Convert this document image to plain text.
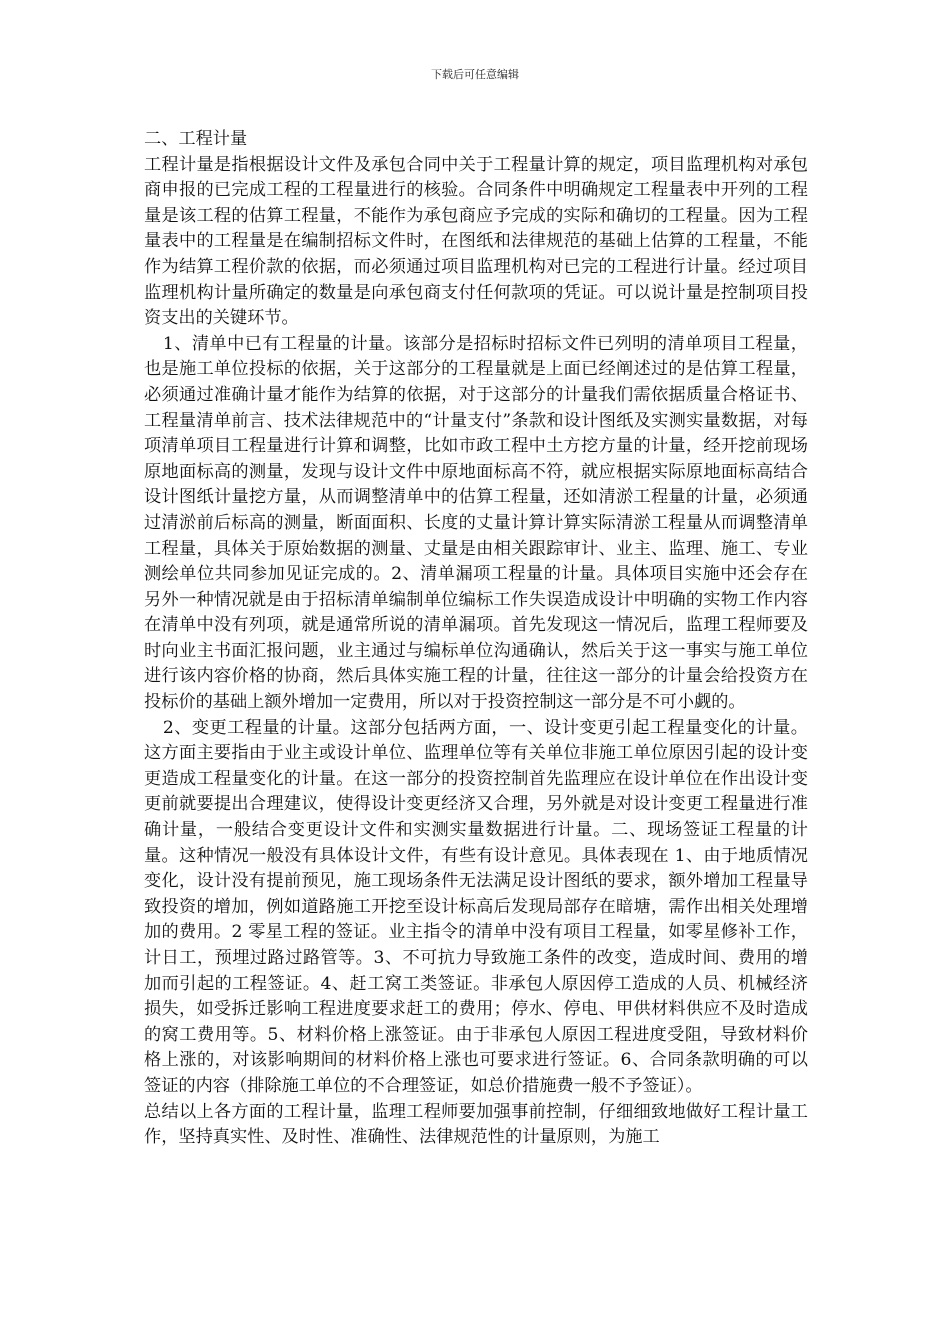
下载后可任意编辑

二、工程计量

工程计量是指根据设计文件及承包合同中关于工程量计算的规定，项目监理机构对承包商申报的已完成工程的工程量进行的核验。合同条件中明确规定工程量表中开列的工程量是该工程的估算工程量，不能作为承包商应予完成的实际和确切的工程量。因为工程量表中的工程量是在编制招标文件时，在图纸和法律规范的基础上估算的工程量，不能作为结算工程价款的依据，而必须通过项目监理机构对已完的工程进行计量。经过项目监理机构计量所确定的数量是向承包商支付任何款项的凭证。可以说计量是控制项目投资支出的关键环节。

1、清单中已有工程量的计量。该部分是招标时招标文件已列明的清单项目工程量，也是施工单位投标的依据，关于这部分的工程量就是上面已经阐述过的是估算工程量，必须通过准确计量才能作为结算的依据，对于这部分的计量我们需依据质量合格证书、工程量清单前言、技术法律规范中的“计量支付”条款和设计图纸及实测实量数据，对每项清单项目工程量进行计算和调整，比如市政工程中土方挖方量的计量，经开挖前现场原地面标高的测量，发现与设计文件中原地面标高不符，就应根据实际原地面标高结合设计图纸计量挖方量，从而调整清单中的估算工程量，还如清淤工程量的计量，必须通过清淤前后标高的测量，断面面积、长度的丈量计算计算实际清淤工程量从而调整清单工程量，具体关于原始数据的测量、丈量是由相关跟踪审计、业主、监理、施工、专业测绘单位共同参加见证完成的。2、清单漏项工程量的计量。具体项目实施中还会存在另外一种情况就是由于招标清单编制单位编标工作失误造成设计中明确的实物工作内容在清单中没有列项，就是通常所说的清单漏项。首先发现这一情况后，监理工程师要及时向业主书面汇报问题，业主通过与编标单位沟通确认，然后关于这一事实与施工单位进行该内容价格的协商，然后具体实施工程的计量，往往这一部分的计量会给投资方在投标价的基础上额外增加一定费用，所以对于投资控制这一部分是不可小觑的。

2、变更工程量的计量。这部分包括两方面，一、设计变更引起工程量变化的计量。这方面主要指由于业主或设计单位、监理单位等有关单位非施工单位原因引起的设计变更造成工程量变化的计量。在这一部分的投资控制首先监理应在设计单位在作出设计变更前就要提出合理建议，使得设计变更经济又合理，另外就是对设计变更工程量进行准确计量，一般结合变更设计文件和实测实量数据进行计量。二、现场签证工程量的计量。这种情况一般没有具体设计文件，有些有设计意见。具体表现在 1、由于地质情况变化，设计没有提前预见，施工现场条件无法满足设计图纸的要求，额外增加工程量导致投资的增加，例如道路施工开挖至设计标高后发现局部存在暗塘，需作出相关处理增加的费用。2 零星工程的签证。业主指令的清单中没有项目工程量，如零星修补工作，计日工，预埋过路过路管等。3、不可抗力导致施工条件的改变，造成时间、费用的增加而引起的工程签证。4、赶工窝工类签证。非承包人原因停工造成的人员、机械经济损失，如受拆迁影响工程进度要求赶工的费用；停水、停电、甲供材料供应不及时造成的窝工费用等。5、材料价格上涨签证。由于非承包人原因工程进度受阻，导致材料价格上涨的，对该影响期间的材料价格上涨也可要求进行签证。6、合同条款明确的可以签证的内容（排除施工单位的不合理签证，如总价措施费一般不予签证）。

总结以上各方面的工程计量，监理工程师要加强事前控制，仔细细致地做好工程计量工作，坚持真实性、及时性、准确性、法律规范性的计量原则，为施工
